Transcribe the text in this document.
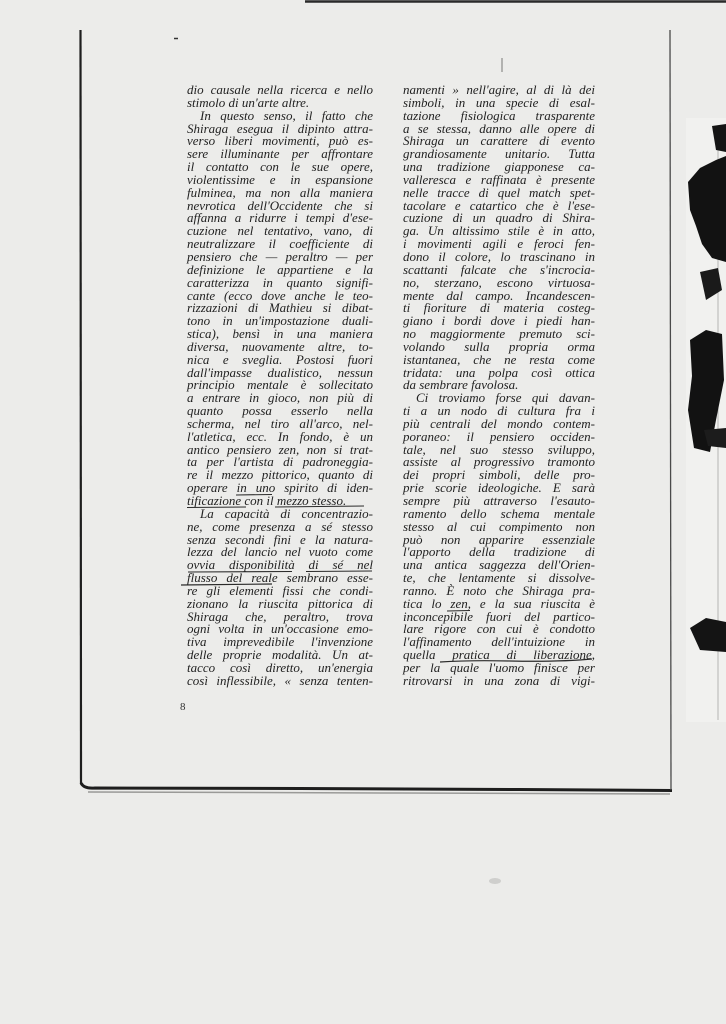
dio causale nella ricerca e nello
stimolo di un'arte altre.
In questo senso, il fatto che
Shiraga esegua il dipinto attra-
verso liberi movimenti, può es-
sere illuminante per affrontare
il contatto con le sue opere,
violentissime e in espansione
fulminea, ma non alla maniera
nevrotica dell'Occidente che si
affanna a ridurre i tempi d'ese-
cuzione nel tentativo, vano, di
neutralizzare il coefficiente di
pensiero che — peraltro — per
definizione le appartiene e la
caratterizza in quanto signifi-
cante (ecco dove anche le teo-
rizzazioni di Mathieu si dibat-
tono in un'impostazione duali-
stica), bensì in una maniera
diversa, nuovamente altre, to-
nica e sveglia. Postosi fuori
dall'impasse dualistico, nessun
principio mentale è sollecitato
a entrare in gioco, non più di
quanto possa esserlo nella
scherma, nel tiro all'arco, nel-
l'atletica, ecc. In fondo, è un
antico pensiero zen, non si trat-
ta per l'artista di padroneggia-
re il mezzo pittorico, quanto di
operare in uno spirito di iden-
tificazione con il mezzo stesso.
La capacità di concentrazio-
ne, come presenza a sé stesso
senza secondi fini e la natura-
lezza del lancio nel vuoto come
ovvia disponibilità di sé nel
flusso del reale sembrano esse-
re gli elementi fissi che condi-
zionano la riuscita pittorica di
Shiraga che, peraltro, trova
ogni volta in un'occasione emo-
tiva imprevedibile l'invenzione
delle proprie modalità. Un at-
tacco così diretto, un'energia
così inflessibile, « senza tenten-
namenti » nell'agire, al di là dei
simboli, in una specie di esal-
tazione fisiologica trasparente
a se stessa, danno alle opere di
Shiraga un carattere di evento
grandiosamente unitario. Tutta
una tradizione giapponese ca-
valleresca e raffinata è presente
nelle tracce di quel match spet-
tacolare e catartico che è l'ese-
cuzione di un quadro di Shira-
ga. Un altissimo stile è in atto,
i movimenti agili e feroci fen-
dono il colore, lo trascinano in
scattanti falcate che s'incrocia-
no, sterzano, escono virtuosa-
mente dal campo. Incandescen-
ti fioriture di materia costeg-
giano i bordi dove i piedi han-
no maggiormente premuto sci-
volando sulla propria orma
istantanea, che ne resta come
tridata: una polpa così ottica
da sembrare favolosa.
Ci troviamo forse qui davan-
ti a un nodo di cultura fra i
più centrali del mondo contem-
poraneo: il pensiero occiden-
tale, nel suo stesso sviluppo,
assiste al progressivo tramonto
dei propri simboli, delle pro-
prie scorie ideologiche. E sarà
sempre più attraverso l'esauto-
ramento dello schema mentale
stesso al cui compimento non
può non apparire essenziale
l'apporto della tradizione di
una antica saggezza dell'Orien-
te, che lentamente si dissolve-
ranno. È noto che Shiraga pra-
tica lo zen, e la sua riuscita è
inconcepibile fuori del partico-
lare rigore con cui è condotto
l'affinamento dell'intuizione in
quella pratica di liberazione,
per la quale l'uomo finisce per
ritrovarsi in una zona di vigi-
8
